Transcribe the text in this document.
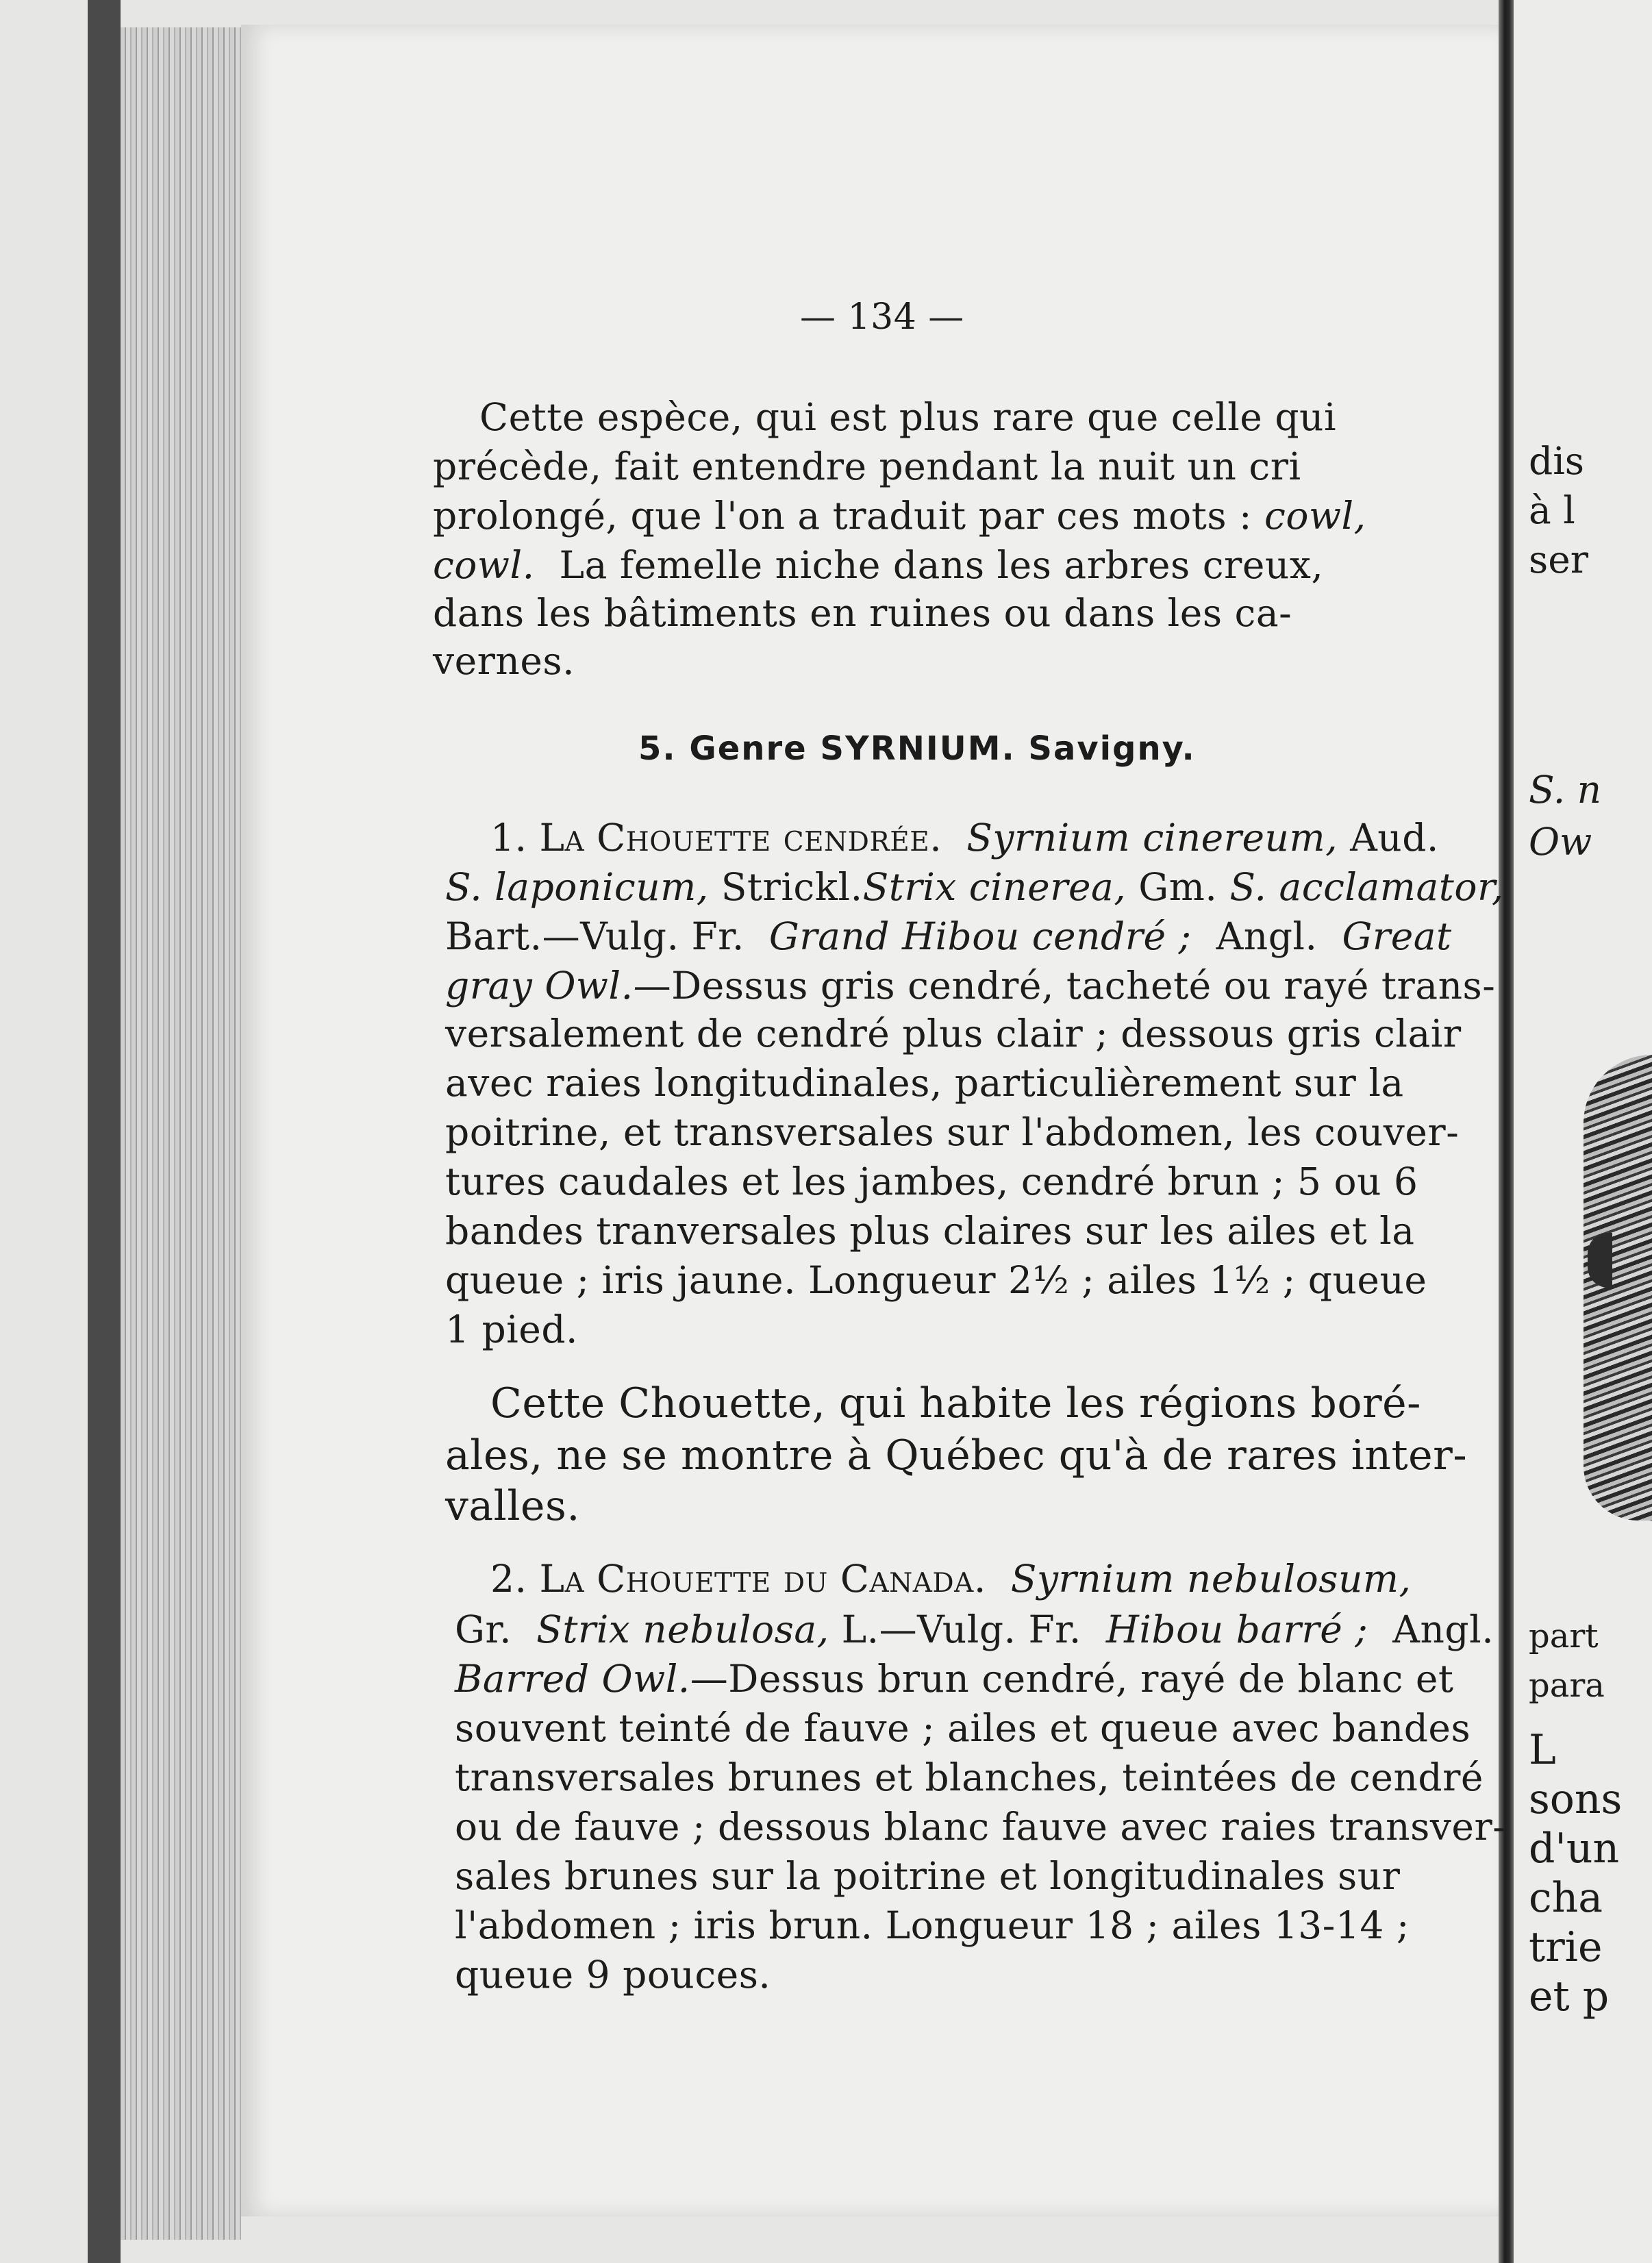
— 134 —
Cette espèce, qui est plus rare que celle qui
précède, fait entendre pendant la nuit un cri
prolongé, que l'on a traduit par ces mots : cowl,
cowl. La femelle niche dans les arbres creux,
dans les bâtiments en ruines ou dans les ca-
vernes.
5. Genre SYRNIUM. Savigny.
1. La Chouette cendrée. Syrnium cinereum, Aud.
S. laponicum, Strickl.Strix cinerea, Gm. S. acclamator,
Bart.—Vulg. Fr. Grand Hibou cendré ; Angl. Great
gray Owl.—Dessus gris cendré, tacheté ou rayé trans-
versalement de cendré plus clair ; dessous gris clair
avec raies longitudinales, particulièrement sur la
poitrine, et transversales sur l'abdomen, les couver-
tures caudales et les jambes, cendré brun ; 5 ou 6
bandes tranversales plus claires sur les ailes et la
queue ; iris jaune. Longueur 2½ ; ailes 1½ ; queue
1 pied.
Cette Chouette, qui habite les régions boré-
ales, ne se montre à Québec qu'à de rares inter-
valles.
2. La Chouette du Canada. Syrnium nebulosum,
Gr. Strix nebulosa, L.—Vulg. Fr. Hibou barré ; Angl.
Barred Owl.—Dessus brun cendré, rayé de blanc et
souvent teinté de fauve ; ailes et queue avec bandes
transversales brunes et blanches, teintées de cendré
ou de fauve ; dessous blanc fauve avec raies transver-
sales brunes sur la poitrine et longitudinales sur
l'abdomen ; iris brun. Longueur 18 ; ailes 13-14 ;
queue 9 pouces.
dis
à l
ser
S. n
Ow
part
para
L
sons
d'un
cha
trie
et p
